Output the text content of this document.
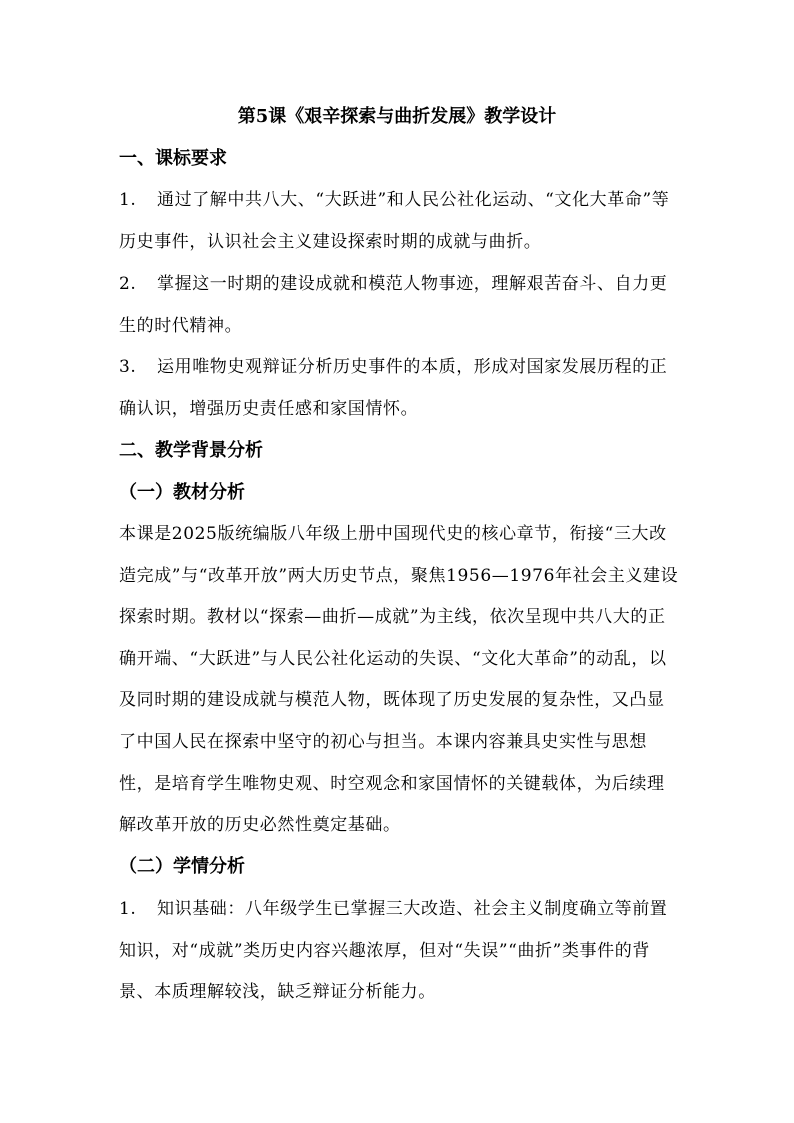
第5课《艰辛探索与曲折发展》教学设计
一、课标要求
1. 通过了解中共八大、“大跃进”和人民公社化运动、“文化大革命”等历史事件，认识社会主义建设探索时期的成就与曲折。
2. 掌握这一时期的建设成就和模范人物事迹，理解艰苦奋斗、自力更生的时代精神。
3. 运用唯物史观辩证分析历史事件的本质，形成对国家发展历程的正确认识，增强历史责任感和家国情怀。
二、教学背景分析
（一）教材分析
本课是2025版统编版八年级上册中国现代史的核心章节，衔接“三大改造完成”与“改革开放”两大历史节点，聚焦1956—1976年社会主义建设探索时期。教材以“探索—曲折—成就”为主线，依次呈现中共八大的正确开端、“大跃进”与人民公社化运动的失误、“文化大革命”的动乱，以及同时期的建设成就与模范人物，既体现了历史发展的复杂性，又凸显了中国人民在探索中坚守的初心与担当。本课内容兼具史实性与思想性，是培育学生唯物史观、时空观念和家国情怀的关键载体，为后续理解改革开放的历史必然性奠定基础。
（二）学情分析
1. 知识基础：八年级学生已掌握三大改造、社会主义制度确立等前置知识，对“成就”类历史内容兴趣浓厚，但对“失误”“曲折”类事件的背景、本质理解较浅，缺乏辩证分析能力。
